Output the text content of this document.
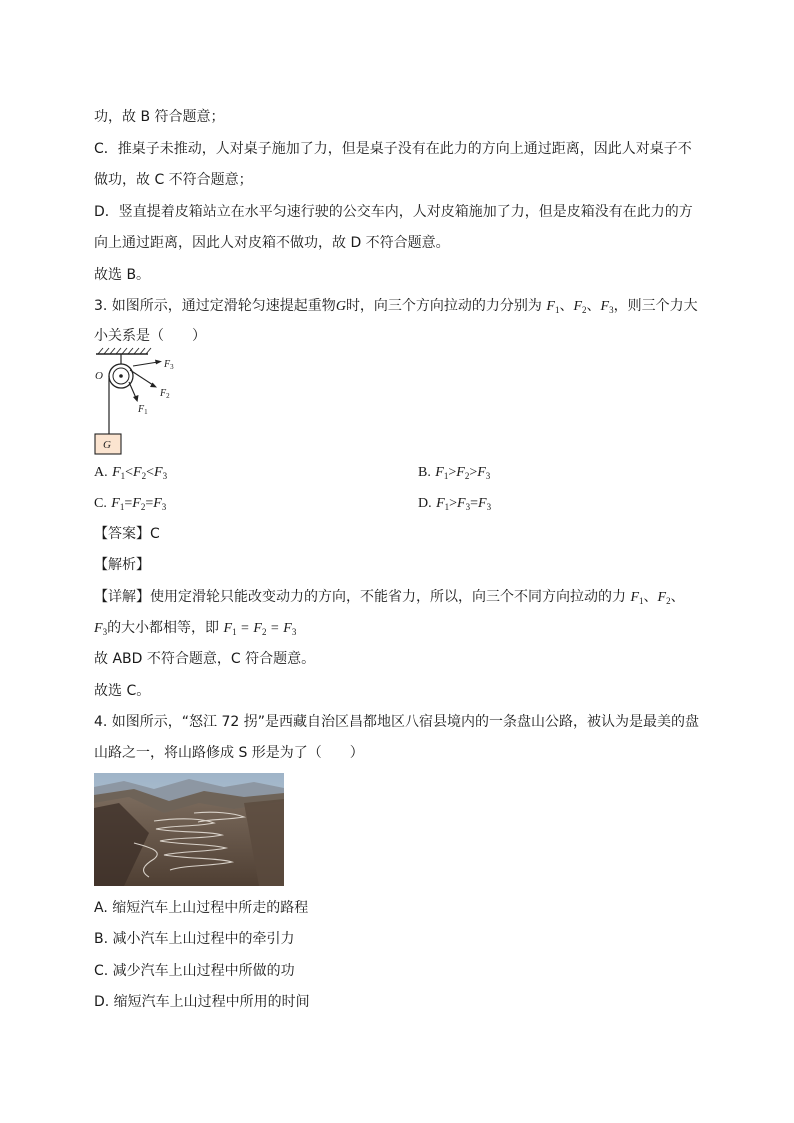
功，故 B 符合题意；
C．推桌子未推动，人对桌子施加了力，但是桌子没有在此力的方向上通过距离，因此人对桌子不
做功，故 C 不符合题意；
D．竖直提着皮箱站立在水平匀速行驶的公交车内，人对皮箱施加了力，但是皮箱没有在此力的方
向上通过距离，因此人对皮箱不做功，故 D 不符合题意。
故选 B。
3. 如图所示，通过定滑轮匀速提起重物G时，向三个方向拉动的力分别为 $F_1$、$F_2$、$F_3$，则三个力大
小关系是（　　）
O
$F_3$
$F_2$
$F_1$
G
A. $F_1<F_2<F_3$	B. $F_1>F_2>F_3$
C. $F_1=F_2=F_3$	D. $F_1>F_3=F_3$
【答案】C
【解析】
【详解】使用定滑轮只能改变动力的方向，不能省力，所以，向三个不同方向拉动的力 $F_1$、$F_2$、
$F_3$的大小都相等，即 $F_1 = F_2 = F_3$
故 ABD 不符合题意，C 符合题意。
故选 C。
4. 如图所示，“怒江 72 拐”是西藏自治区昌都地区八宿县境内的一条盘山公路，被认为是最美的盘
山路之一，将山路修成 S 形是为了（　　）
A. 缩短汽车上山过程中所走的路程
B. 减小汽车上山过程中的牵引力
C. 减少汽车上山过程中所做的功
D. 缩短汽车上山过程中所用的时间
